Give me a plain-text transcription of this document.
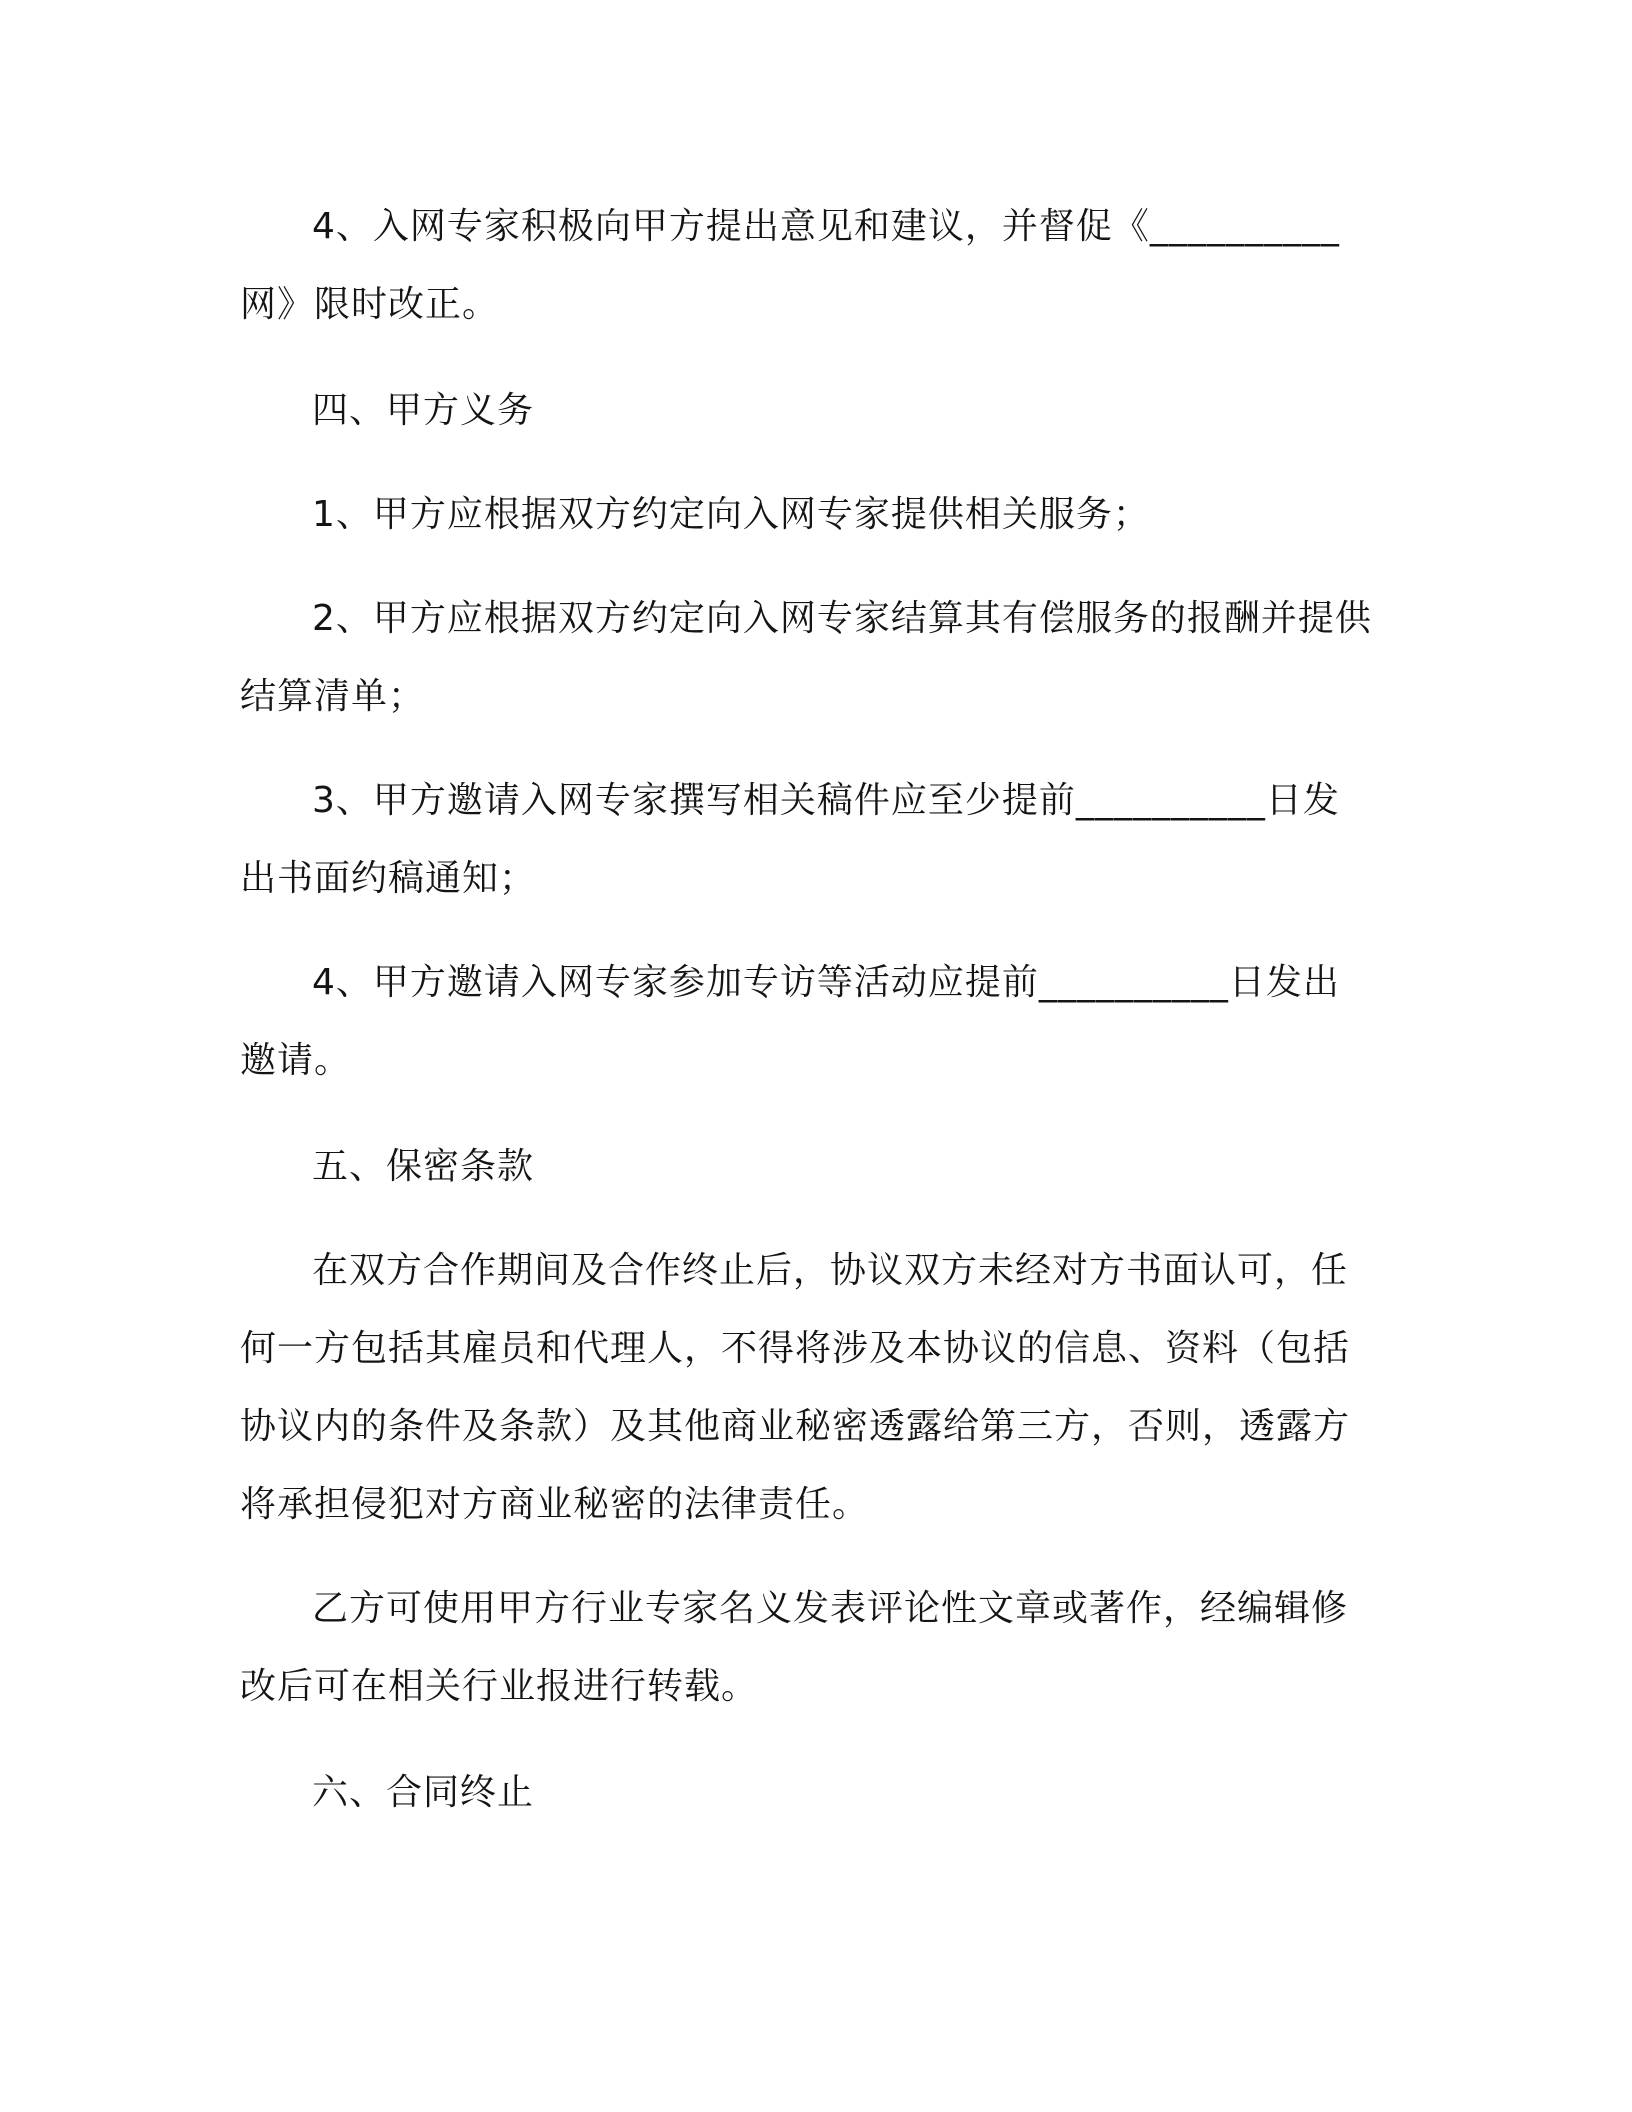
4、入网专家积极向甲方提出意见和建议，并督促《__________网》限时改正。

四、甲方义务

1、甲方应根据双方约定向入网专家提供相关服务；

2、甲方应根据双方约定向入网专家结算其有偿服务的报酬并提供结算清单；

3、甲方邀请入网专家撰写相关稿件应至少提前__________日发出书面约稿通知；

4、甲方邀请入网专家参加专访等活动应提前__________日发出邀请。

五、保密条款

在双方合作期间及合作终止后，协议双方未经对方书面认可，任何一方包括其雇员和代理人，不得将涉及本协议的信息、资料（包括协议内的条件及条款）及其他商业秘密透露给第三方，否则，透露方将承担侵犯对方商业秘密的法律责任。

乙方可使用甲方行业专家名义发表评论性文章或著作，经编辑修改后可在相关行业报进行转载。

六、合同终止
